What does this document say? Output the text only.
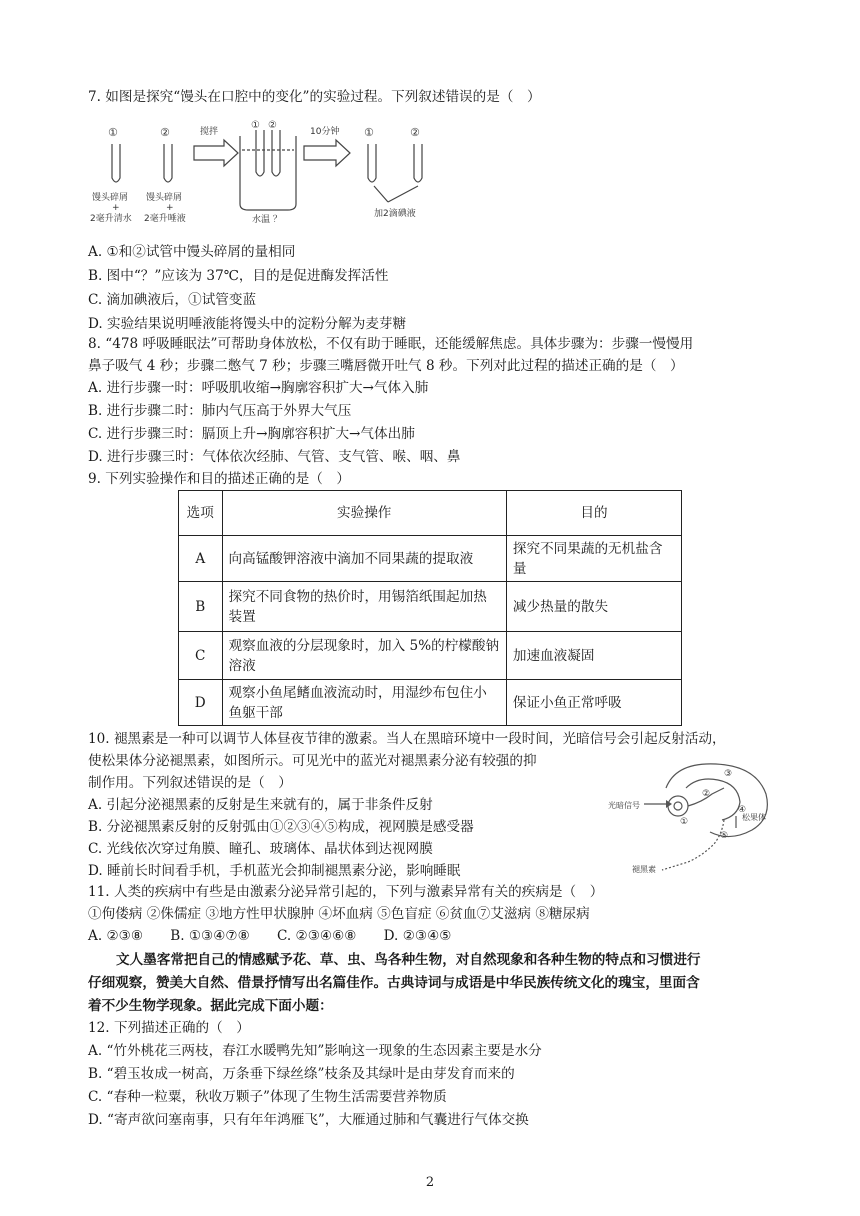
7. 如图是探究“馒头在口腔中的变化”的实验过程。下列叙述错误的是（　）
①	②
① ②
①	②
馒头碎屑
+
2毫升清水
馒头碎屑
+
2毫升唾液
搅拌	10分钟
水温 ？
加2滴碘液
A. ①和②试管中馒头碎屑的量相同
B. 图中“？”应该为 37℃，目的是促进酶发挥活性
C. 滴加碘液后，①试管变蓝
D. 实验结果说明唾液能将馒头中的淀粉分解为麦芽糖
8. “478 呼吸睡眠法”可帮助身体放松，不仅有助于睡眠，还能缓解焦虑。具体步骤为：步骤一慢慢用
鼻子吸气 4 秒；步骤二憋气 7 秒；步骤三嘴唇微开吐气 8 秒。下列对此过程的描述正确的是（　）
A. 进行步骤一时：呼吸肌收缩→胸廓容积扩大→气体入肺
B. 进行步骤二时：肺内气压高于外界大气压
C. 进行步骤三时：膈顶上升→胸廓容积扩大→气体出肺
D. 进行步骤三时：气体依次经肺、气管、支气管、喉、咽、鼻
9. 下列实验操作和目的描述正确的是（　）
选项	实验操作	目的
A	向高锰酸钾溶液中滴加不同果蔬的提取液	探究不同果蔬的无机盐含量
B	探究不同食物的热价时，用锡箔纸围起加热装置	减少热量的散失
C	观察血液的分层现象时，加入 5%的柠檬酸钠溶液	加速血液凝固
D	观察小鱼尾鳍血液流动时，用湿纱布包住小鱼躯干部	保证小鱼正常呼吸
10. 褪黑素是一种可以调节人体昼夜节律的激素。当人在黑暗环境中一段时间，光暗信号会引起反射活动，
使松果体分泌褪黑素，如图所示。可见光中的蓝光对褪黑素分泌有较强的抑
制作用。下列叙述错误的是（　）
A. 引起分泌褪黑素的反射是生来就有的，属于非条件反射
B. 分泌褪黑素反射的反射弧由①②③④⑤构成，视网膜是感受器
C. 光线依次穿过角膜、瞳孔、玻璃体、晶状体到达视网膜
D. 睡前长时间看手机，手机蓝光会抑制褪黑素分泌，影响睡眠
光暗信号
松果体
褪黑素
①
②
③
④
⑤
11. 人类的疾病中有些是由激素分泌异常引起的，下列与激素异常有关的疾病是（　）
①佝偻病 ②侏儒症 ③地方性甲状腺肿 ④坏血病 ⑤色盲症 ⑥贫血⑦艾滋病 ⑧糖尿病
A. ②③⑧　　B. ①③④⑦⑧　　C. ②③④⑥⑧　　D. ②③④⑤
文人墨客常把自己的情感赋予花、草、虫、鸟各种生物，对自然现象和各种生物的特点和习惯进行
仔细观察，赞美大自然、借景抒情写出名篇佳作。古典诗词与成语是中华民族传统文化的瑰宝，里面含
着不少生物学现象。据此完成下面小题：
12. 下列描述正确的（　）
A. “竹外桃花三两枝，春江水暖鸭先知”影响这一现象的生态因素主要是水分
B. “碧玉妆成一树高，万条垂下绿丝绦”枝条及其绿叶是由芽发育而来的
C. “春种一粒粟，秋收万颗子”体现了生物生活需要营养物质
D. “寄声欲问塞南事，只有年年鸿雁飞”，大雁通过肺和气囊进行气体交换
2
